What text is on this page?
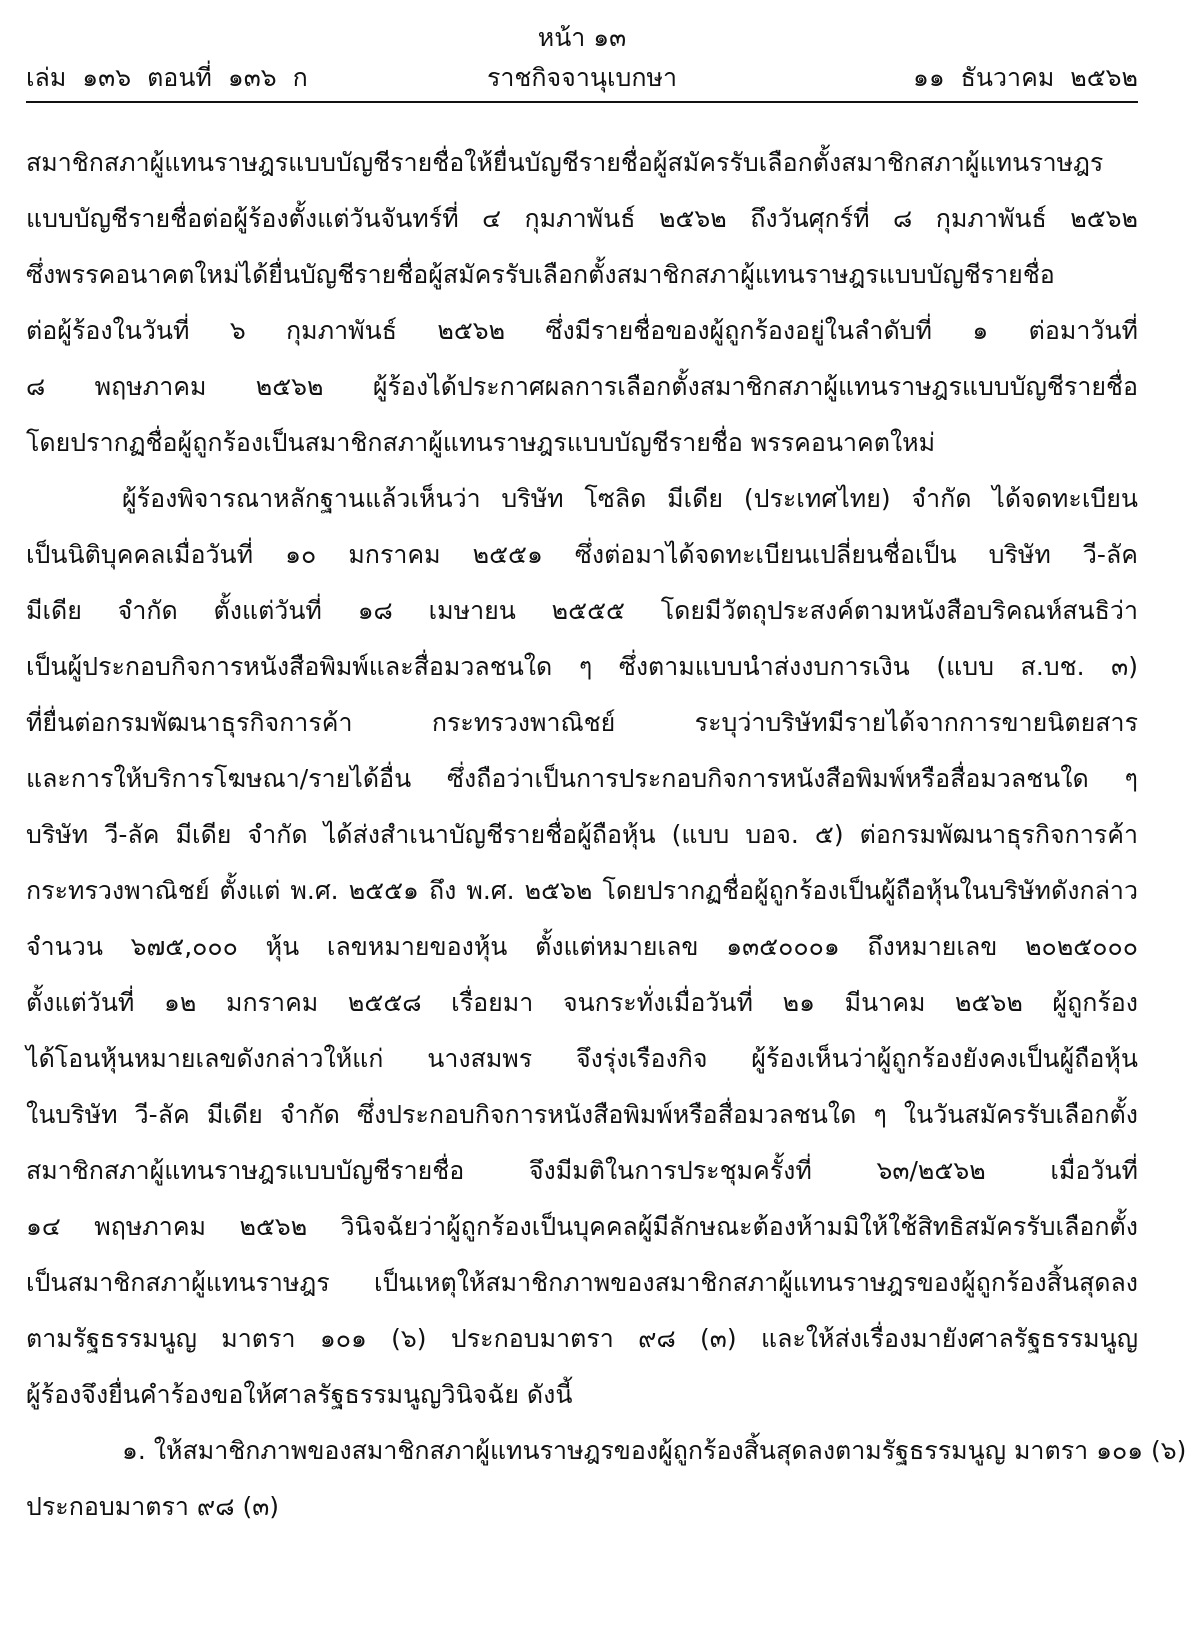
หน้า ๑๓
ราชกิจจานุเบกษา
เล่ม ๑๓๖ ตอนที่ ๑๓๖ ก	๑๑ ธันวาคม ๒๕๖๒
สมาชิกสภาผู้แทนราษฎรแบบบัญชีรายชื่อให้ยื่นบัญชีรายชื่อผู้สมัครรับเลือกตั้งสมาชิกสภาผู้แทนราษฎร
แบบบัญชีรายชื่อต่อผู้ร้องตั้งแต่วันจันทร์ที่ ๔ กุมภาพันธ์ ๒๕๖๒ ถึงวันศุกร์ที่ ๘ กุมภาพันธ์ ๒๕๖๒
ซึ่งพรรคอนาคตใหม่ได้ยื่นบัญชีรายชื่อผู้สมัครรับเลือกตั้งสมาชิกสภาผู้แทนราษฎรแบบบัญชีรายชื่อ
ต่อผู้ร้องในวันที่ ๖ กุมภาพันธ์ ๒๕๖๒ ซึ่งมีรายชื่อของผู้ถูกร้องอยู่ในลำดับที่ ๑ ต่อมาวันที่
๘ พฤษภาคม ๒๕๖๒ ผู้ร้องได้ประกาศผลการเลือกตั้งสมาชิกสภาผู้แทนราษฎรแบบบัญชีรายชื่อ
โดยปรากฏชื่อผู้ถูกร้องเป็นสมาชิกสภาผู้แทนราษฎรแบบบัญชีรายชื่อ พรรคอนาคตใหม่
ผู้ร้องพิจารณาหลักฐานแล้วเห็นว่า บริษัท โซลิด มีเดีย (ประเทศไทย) จำกัด ได้จดทะเบียน
เป็นนิติบุคคลเมื่อวันที่ ๑๐ มกราคม ๒๕๕๑ ซึ่งต่อมาได้จดทะเบียนเปลี่ยนชื่อเป็น บริษัท วี-ลัค
มีเดีย จำกัด ตั้งแต่วันที่ ๑๘ เมษายน ๒๕๕๕ โดยมีวัตถุประสงค์ตามหนังสือบริคณห์สนธิว่า
เป็นผู้ประกอบกิจการหนังสือพิมพ์และสื่อมวลชนใด ๆ ซึ่งตามแบบนำส่งงบการเงิน (แบบ ส.บช. ๓)
ที่ยื่นต่อกรมพัฒนาธุรกิจการค้า กระทรวงพาณิชย์ ระบุว่าบริษัทมีรายได้จากการขายนิตยสาร
และการให้บริการโฆษณา/รายได้อื่น ซึ่งถือว่าเป็นการประกอบกิจการหนังสือพิมพ์หรือสื่อมวลชนใด ๆ
บริษัท วี-ลัค มีเดีย จำกัด ได้ส่งสำเนาบัญชีรายชื่อผู้ถือหุ้น (แบบ บอจ. ๕) ต่อกรมพัฒนาธุรกิจการค้า
กระทรวงพาณิชย์ ตั้งแต่ พ.ศ. ๒๕๕๑ ถึง พ.ศ. ๒๕๖๒ โดยปรากฏชื่อผู้ถูกร้องเป็นผู้ถือหุ้นในบริษัทดังกล่าว
จำนวน ๖๗๕,๐๐๐ หุ้น เลขหมายของหุ้น ตั้งแต่หมายเลข ๑๓๕๐๐๐๑ ถึงหมายเลข ๒๐๒๕๐๐๐
ตั้งแต่วันที่ ๑๒ มกราคม ๒๕๕๘ เรื่อยมา จนกระทั่งเมื่อวันที่ ๒๑ มีนาคม ๒๕๖๒ ผู้ถูกร้อง
ได้โอนหุ้นหมายเลขดังกล่าวให้แก่ นางสมพร จึงรุ่งเรืองกิจ ผู้ร้องเห็นว่าผู้ถูกร้องยังคงเป็นผู้ถือหุ้น
ในบริษัท วี-ลัค มีเดีย จำกัด ซึ่งประกอบกิจการหนังสือพิมพ์หรือสื่อมวลชนใด ๆ ในวันสมัครรับเลือกตั้ง
สมาชิกสภาผู้แทนราษฎรแบบบัญชีรายชื่อ จึงมีมติในการประชุมครั้งที่ ๖๓/๒๕๖๒ เมื่อวันที่
๑๔ พฤษภาคม ๒๕๖๒ วินิจฉัยว่าผู้ถูกร้องเป็นบุคคลผู้มีลักษณะต้องห้ามมิให้ใช้สิทธิสมัครรับเลือกตั้ง
เป็นสมาชิกสภาผู้แทนราษฎร เป็นเหตุให้สมาชิกภาพของสมาชิกสภาผู้แทนราษฎรของผู้ถูกร้องสิ้นสุดลง
ตามรัฐธรรมนูญ มาตรา ๑๐๑ (๖) ประกอบมาตรา ๙๘ (๓) และให้ส่งเรื่องมายังศาลรัฐธรรมนูญ
ผู้ร้องจึงยื่นคำร้องขอให้ศาลรัฐธรรมนูญวินิจฉัย ดังนี้
๑. ให้สมาชิกภาพของสมาชิกสภาผู้แทนราษฎรของผู้ถูกร้องสิ้นสุดลงตามรัฐธรรมนูญ มาตรา ๑๐๑ (๖)
ประกอบมาตรา ๙๘ (๓)
